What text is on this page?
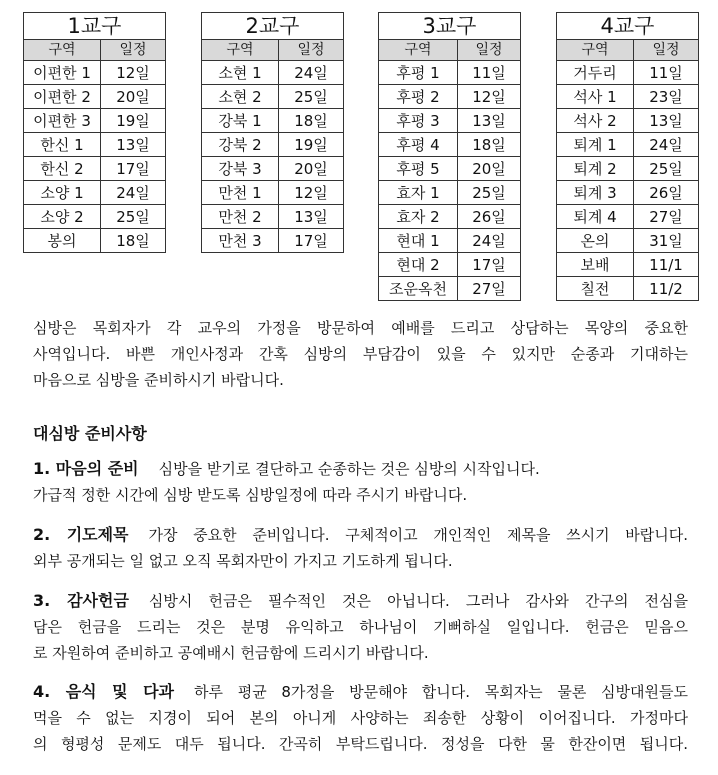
1교구	
구역	일정
이편한 1	12일
이편한 2	20일
이편한 3	19일
한신 1	13일
한신 2	17일
소양 1	24일
소양 2	25일
봉의	18일
2교구	
구역	일정
소현 1	24일
소현 2	25일
강북 1	18일
강북 2	19일
강북 3	20일
만천 1	12일
만천 2	13일
만천 3	17일
3교구	
구역	일정
후평 1	11일
후평 2	12일
후평 3	13일
후평 4	18일
후평 5	20일
효자 1	25일
효자 2	26일
현대 1	24일
현대 2	17일
조운옥천	27일
4교구	
구역	일정
거두리	11일
석사 1	23일
석사 2	13일
퇴계 1	24일
퇴계 2	25일
퇴계 3	26일
퇴계 4	27일
온의	31일
보배	11/1
칠전	11/2
심방은 목회자가 각 교우의 가정을 방문하여 예배를 드리고 상담하는 목양의 중요한
사역입니다. 바쁜 개인사정과 간혹 심방의 부담감이 있을 수 있지만 순종과 기대하는
마음으로 심방을 준비하시기 바랍니다.
대심방 준비사항
1. 마음의 준비 심방을 받기로 결단하고 순종하는 것은 심방의 시작입니다.
가급적 정한 시간에 심방 받도록 심방일정에 따라 주시기 바랍니다.
2. 기도제목 가장 중요한 준비입니다. 구체적이고 개인적인 제목을 쓰시기 바랍니다.
외부 공개되는 일 없고 오직 목회자만이 가지고 기도하게 됩니다.
3. 감사헌금 심방시 헌금은 필수적인 것은 아닙니다. 그러나 감사와 간구의 전심을
담은 헌금을 드리는 것은 분명 유익하고 하나님이 기뻐하실 일입니다. 헌금은 믿음으
로 자원하여 준비하고 공예배시 헌금함에 드리시기 바랍니다.
4. 음식 및 다과 하루 평균 8가정을 방문해야 합니다. 목회자는 물론 심방대원들도
먹을 수 없는 지경이 되어 본의 아니게 사양하는 죄송한 상황이 이어집니다. 가정마다
의 형평성 문제도 대두 됩니다. 간곡히 부탁드립니다. 정성을 다한 물 한잔이면 됩니다.
